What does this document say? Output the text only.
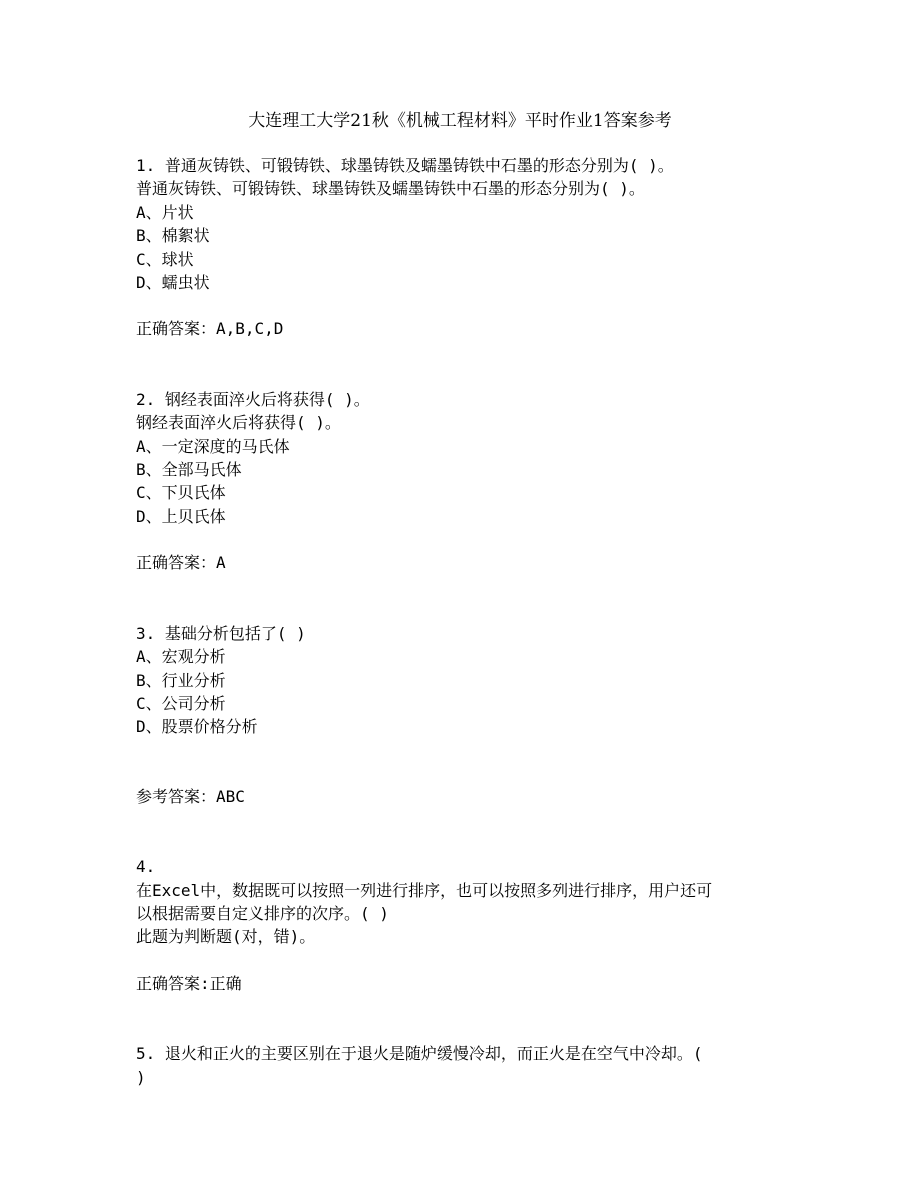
大连理工大学21秋《机械工程材料》平时作业1答案参考
1. 普通灰铸铁、可锻铸铁、球墨铸铁及蠕墨铸铁中石墨的形态分别为( )。
普通灰铸铁、可锻铸铁、球墨铸铁及蠕墨铸铁中石墨的形态分别为( )。
A、片状
B、棉絮状
C、球状
D、蠕虫状
正确答案：A,B,C,D
2. 钢经表面淬火后将获得( )。
钢经表面淬火后将获得( )。
A、一定深度的马氏体
B、全部马氏体
C、下贝氏体
D、上贝氏体
正确答案：A
3. 基础分析包括了( )
A、宏观分析
B、行业分析
C、公司分析
D、股票价格分析
参考答案：ABC
4.
在Excel中，数据既可以按照一列进行排序，也可以按照多列进行排序，用户还可
以根据需要自定义排序的次序。( )
此题为判断题(对，错)。
正确答案:正确
5. 退火和正火的主要区别在于退火是随炉缓慢冷却，而正火是在空气中冷却。(
)
